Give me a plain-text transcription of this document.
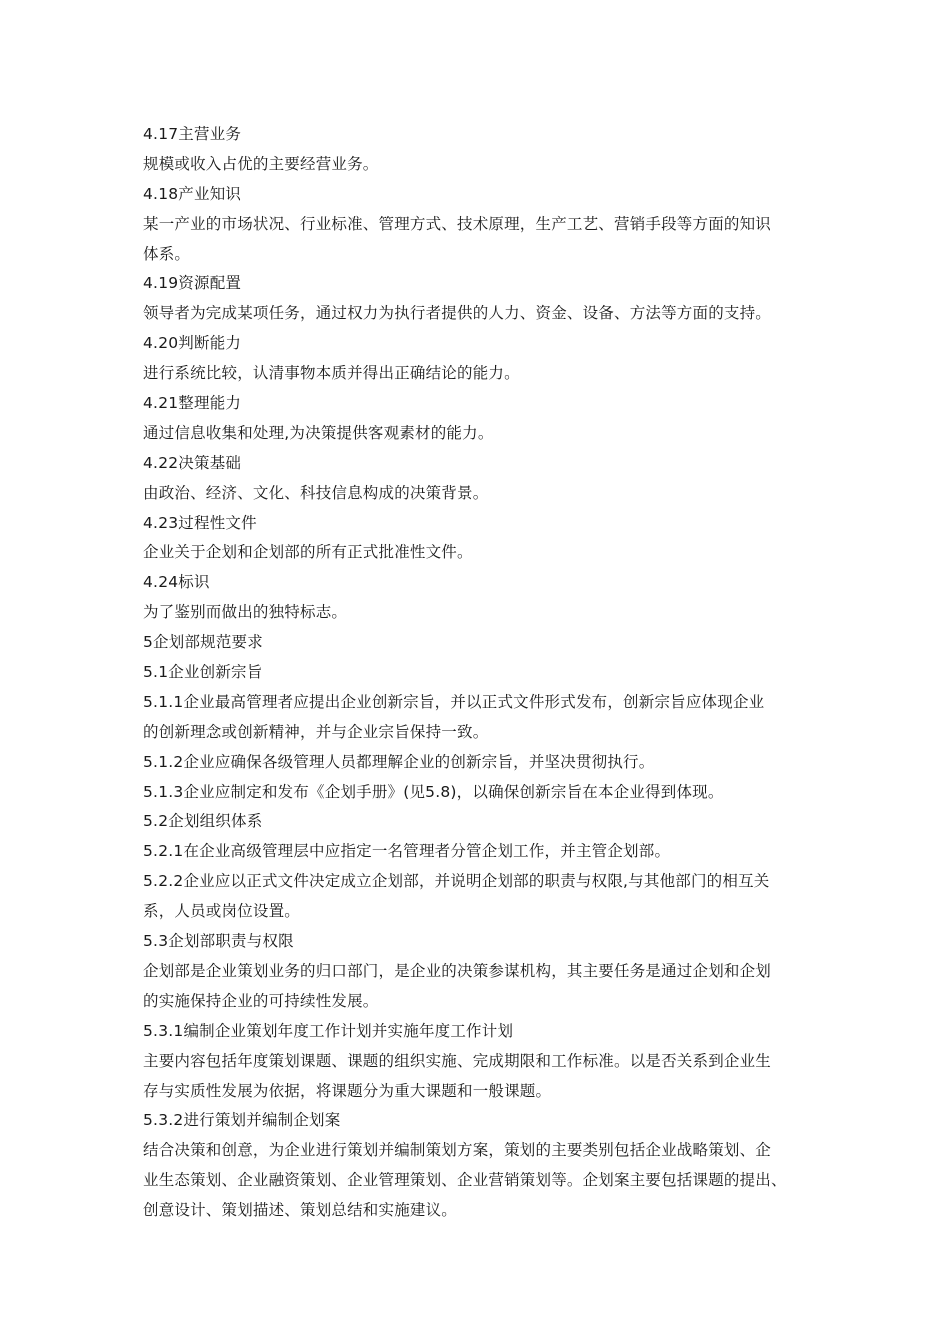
4.17主营业务
规模或收入占优的主要经营业务。
4.18产业知识
某一产业的市场状况、行业标准、管理方式、技术原理，生产工艺、营销手段等方面的知识
体系。
4.19资源配置
领导者为完成某项任务，通过权力为执行者提供的人力、资金、设备、方法等方面的支持。
4.20判断能力
进行系统比较，认清事物本质并得出正确结论的能力。
4.21整理能力
通过信息收集和处理,为决策提供客观素材的能力。
4.22决策基础
由政治、经济、文化、科技信息构成的决策背景。
4.23过程性文件
企业关于企划和企划部的所有正式批准性文件。
4.24标识
为了鉴别而做出的独特标志。
5企划部规范要求
5.1企业创新宗旨
5.1.1企业最高管理者应提出企业创新宗旨，并以正式文件形式发布，创新宗旨应体现企业
的创新理念或创新精神，并与企业宗旨保持一致。
5.1.2企业应确保各级管理人员都理解企业的创新宗旨，并坚决贯彻执行。
5.1.3企业应制定和发布《企划手册》(见5.8)，以确保创新宗旨在本企业得到体现。
5.2企划组织体系
5.2.1在企业高级管理层中应指定一名管理者分管企划工作，并主管企划部。
5.2.2企业应以正式文件决定成立企划部，并说明企划部的职责与权限,与其他部门的相互关
系，人员或岗位设置。
5.3企划部职责与权限
企划部是企业策划业务的归口部门，是企业的决策参谋机构，其主要任务是通过企划和企划
的实施保持企业的可持续性发展。
5.3.1编制企业策划年度工作计划并实施年度工作计划
主要内容包括年度策划课题、课题的组织实施、完成期限和工作标准。以是否关系到企业生
存与实质性发展为依据，将课题分为重大课题和一般课题。
5.3.2进行策划并编制企划案
结合决策和创意，为企业进行策划并编制策划方案，策划的主要类别包括企业战略策划、企
业生态策划、企业融资策划、企业管理策划、企业营销策划等。企划案主要包括课题的提出、
创意设计、策划描述、策划总结和实施建议。
